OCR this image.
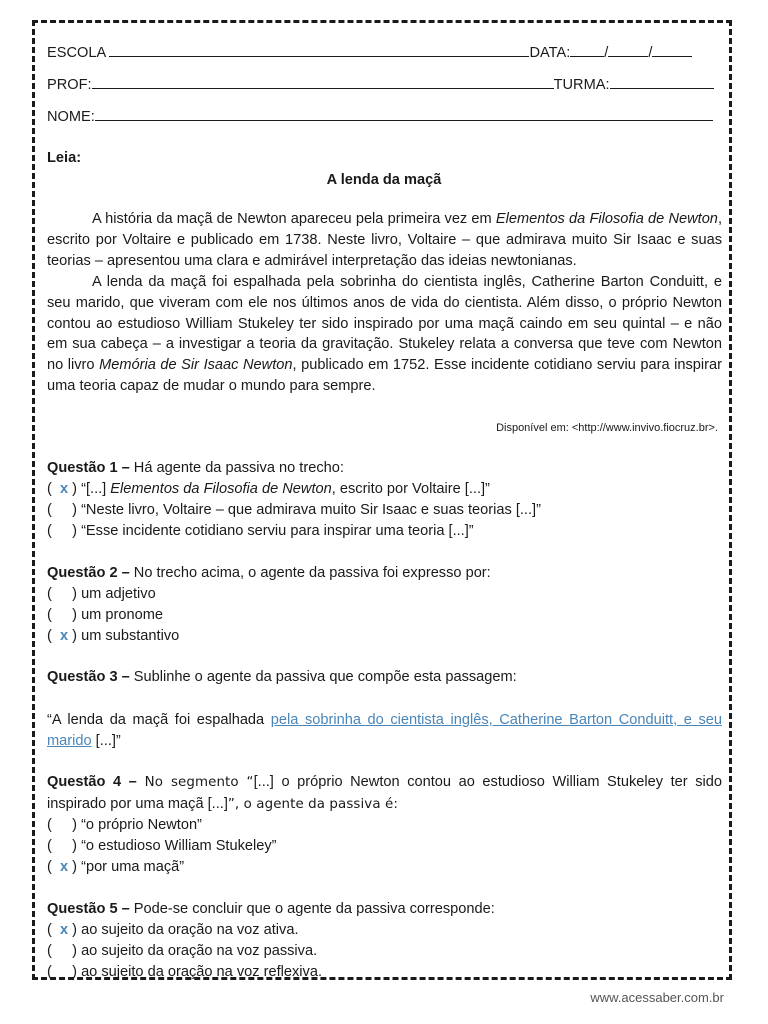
ESCOLA	DATA: /	/
PROF:	TURMA:
NOME:
Leia:
A lenda da maçã
A história da maçã de Newton apareceu pela primeira vez em Elementos da Filosofia de Newton, escrito por Voltaire e publicado em 1738. Neste livro, Voltaire – que admirava muito Sir Isaac e suas teorias – apresentou uma clara e admirável interpretação das ideias newtonianas.
A lenda da maçã foi espalhada pela sobrinha do cientista inglês, Catherine Barton Conduitt, e seu marido, que viveram com ele nos últimos anos de vida do cientista. Além disso, o próprio Newton contou ao estudioso William Stukeley ter sido inspirado por uma maçã caindo em seu quintal – e não em sua cabeça – a investigar a teoria da gravitação. Stukeley relata a conversa que teve com Newton no livro Memória de Sir Isaac Newton, publicado em 1752. Esse incidente cotidiano serviu para inspirar uma teoria capaz de mudar o mundo para sempre.
Disponível em: <http://www.invivo.fiocruz.br>.
Questão 1 – Há agente da passiva no trecho:
(  x ) “[...] Elementos da Filosofia de Newton, escrito por Voltaire [...]”
(     ) “Neste livro, Voltaire – que admirava muito Sir Isaac e suas teorias [...]”
(     ) “Esse incidente cotidiano serviu para inspirar uma teoria [...]”
Questão 2 – No trecho acima, o agente da passiva foi expresso por:
(     ) um adjetivo
(     ) um pronome
(  x ) um substantivo
Questão 3 – Sublinhe o agente da passiva que compõe esta passagem:
“A lenda da maçã foi espalhada pela sobrinha do cientista inglês, Catherine Barton Conduitt, e seu marido [...]”
Questão 4 – No segmento “[...] o próprio Newton contou ao estudioso William Stukeley ter sido inspirado por uma maçã [...]”, o agente da passiva é:
(     ) “o próprio Newton”
(     ) “o estudioso William Stukeley”
(  x ) “por uma maçã”
Questão 5 – Pode-se concluir que o agente da passiva corresponde:
(  x ) ao sujeito da oração na voz ativa.
(     ) ao sujeito da oração na voz passiva.
(     ) ao sujeito da oração na voz reflexiva.
www.acessaber.com.br
